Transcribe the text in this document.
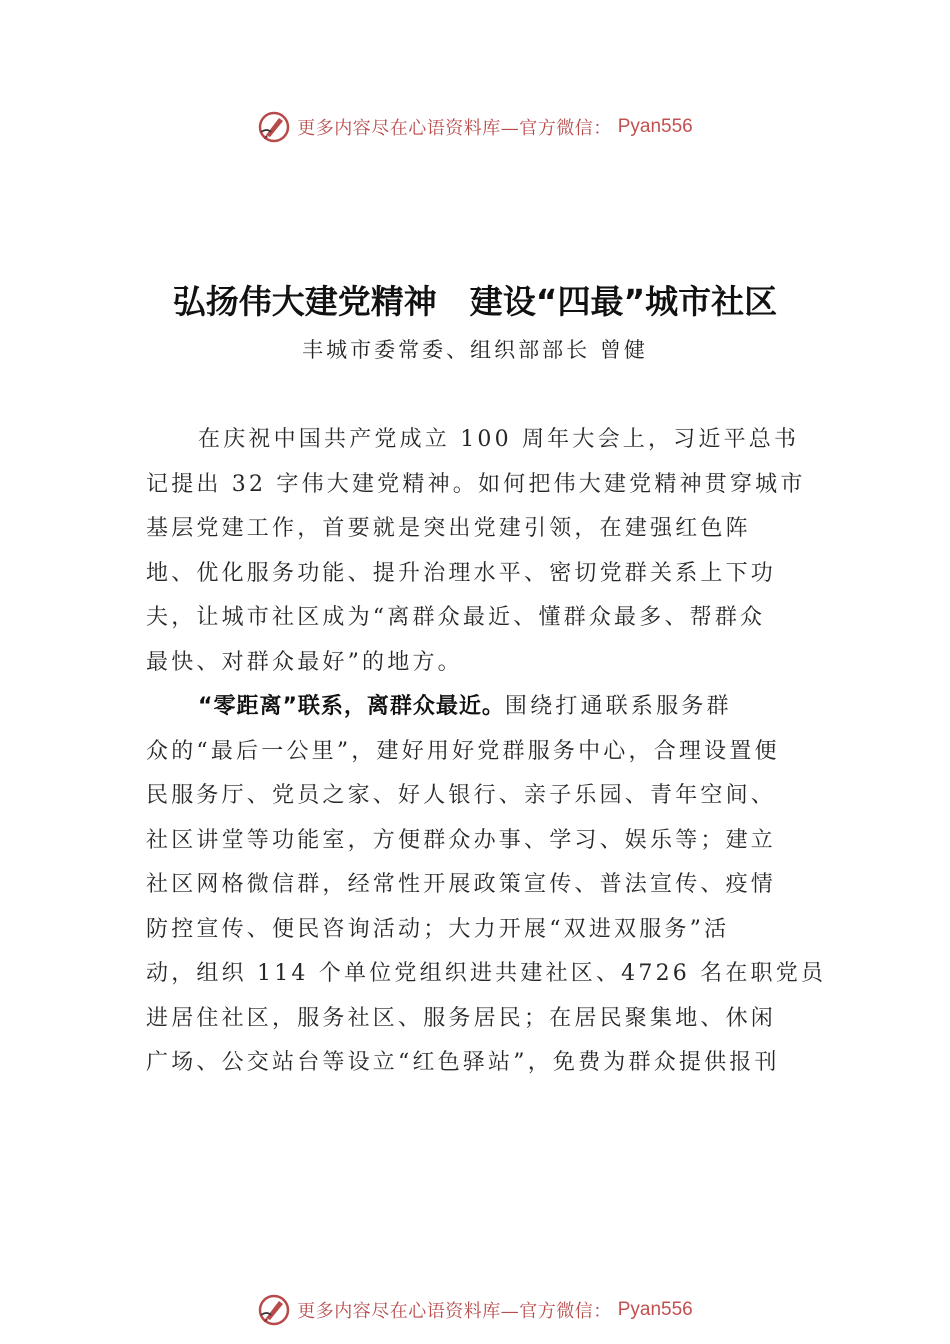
更多内容尽在心语资料库—官方微信： Pyan556
弘扬伟大建党精神　建设“四最”城市社区
丰城市委常委、组织部部长 曾健
在庆祝中国共产党成立 100 周年大会上，习近平总书
记提出 32 字伟大建党精神。如何把伟大建党精神贯穿城市
基层党建工作，首要就是突出党建引领，在建强红色阵
地、优化服务功能、提升治理水平、密切党群关系上下功
夫，让城市社区成为“离群众最近、懂群众最多、帮群众
最快、对群众最好”的地方。
“零距离”联系，离群众最近。围绕打通联系服务群
众的“最后一公里”，建好用好党群服务中心，合理设置便
民服务厅、党员之家、好人银行、亲子乐园、青年空间、
社区讲堂等功能室，方便群众办事、学习、娱乐等；建立
社区网格微信群，经常性开展政策宣传、普法宣传、疫情
防控宣传、便民咨询活动；大力开展“双进双服务”活
动，组织 114 个单位党组织进共建社区、4726 名在职党员
进居住社区，服务社区、服务居民；在居民聚集地、休闲
广场、公交站台等设立“红色驿站”，免费为群众提供报刊
更多内容尽在心语资料库—官方微信： Pyan556
